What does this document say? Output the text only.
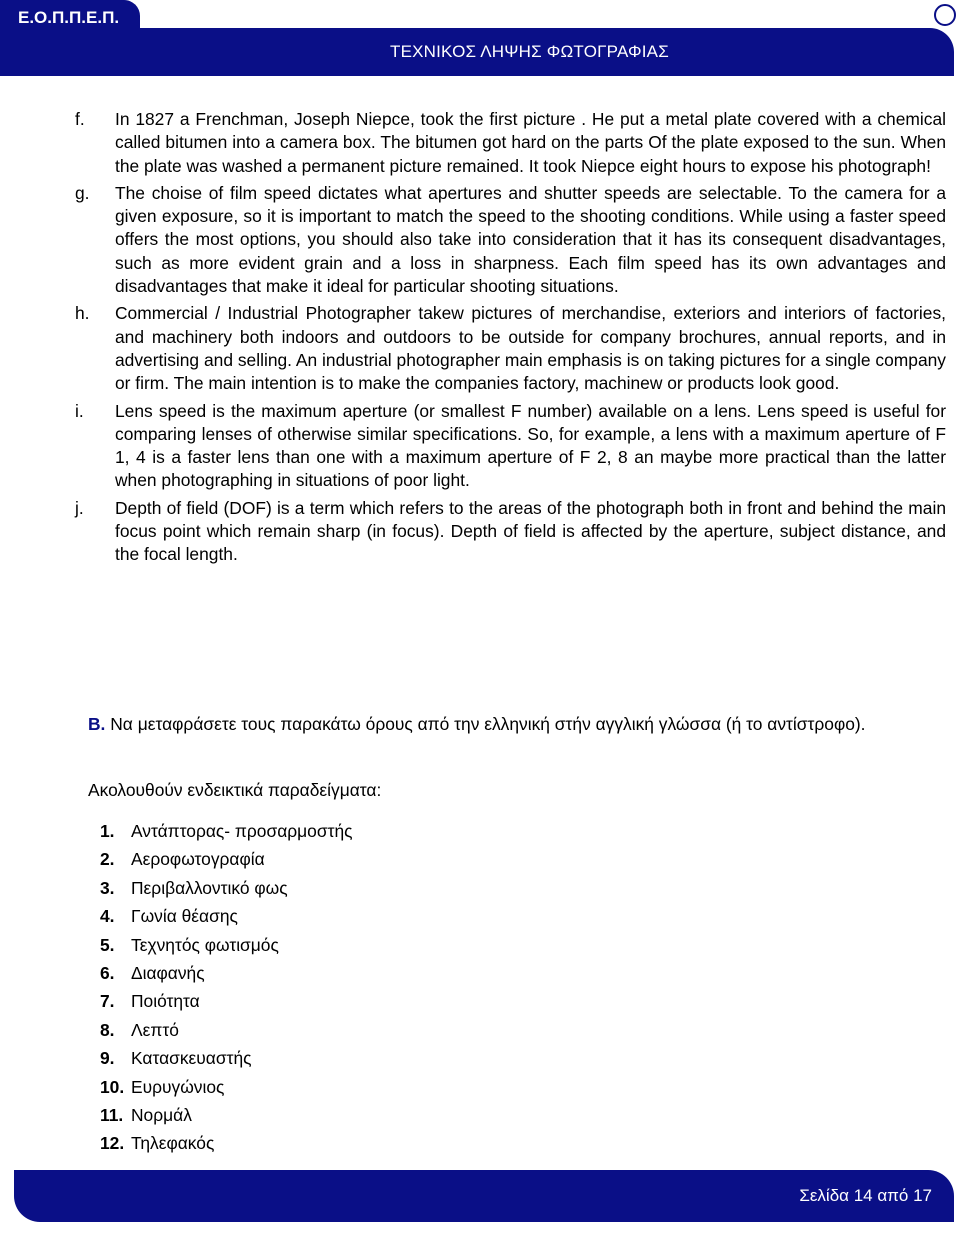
Ε.Ο.Π.Π.Ε.Π.
ΤΕΧΝΙΚΟΣ ΛΗΨΗΣ ΦΩΤΟΓΡΑΦΙΑΣ
f. In 1827 a Frenchman, Joseph Niepce, took the first picture . He put a metal plate covered with a chemical called bitumen into a camera box. The bitumen got hard on the parts Of the plate exposed to the sun. When the plate was washed a permanent picture remained. It took Niepce eight hours to expose his photograph!
g. The choise of film speed dictates what apertures and shutter speeds are selectable. To the camera for a given exposure, so it is important to match the speed to the shooting conditions. While using a faster speed offers the most options, you should also take into consideration that it has its consequent disadvantages, such as more evident grain and a loss in sharpness. Each film speed has its own advantages and disadvantages that make it ideal for particular shooting situations.
h. Commercial / Industrial Photographer takew pictures of merchandise, exteriors and interiors of factories, and machinery both indoors and outdoors to be outside for company brochures, annual reports, and in advertising and selling. An industrial photographer main emphasis is on taking pictures for a single company or firm. The main intention is to make the companies factory, machinew or products look good.
i. Lens speed is the maximum aperture (or smallest F number) available on a lens. Lens speed is useful for comparing lenses of otherwise similar specifications. So, for example, a lens with a maximum aperture of F 1, 4 is a faster lens than one with a maximum aperture of F 2, 8 an maybe more practical than the latter when photographing in situations of poor light.
j. Depth of field (DOF) is a term which refers to the areas of the photograph both in front and behind the main focus point which remain sharp (in focus). Depth of field is affected by the aperture, subject distance, and the focal length.
B. Να μεταφράσετε τους παρακάτω όρους από την ελληνική στήν αγγλική γλώσσα (ή το αντίστροφο).
Ακολουθούν ενδεικτικά παραδείγματα:
1. Αντάπτορας- προσαρμοστής
2. Αεροφωτογραφία
3. Περιβαλλοντικό φως
4. Γωνία θέασης
5. Τεχνητός φωτισμός
6. Διαφανής
7. Ποιότητα
8. Λεπτό
9. Κατασκευαστής
10. Ευρυγώνιος
11. Νορμάλ
12. Τηλεφακός
Σελίδα 14 από 17
